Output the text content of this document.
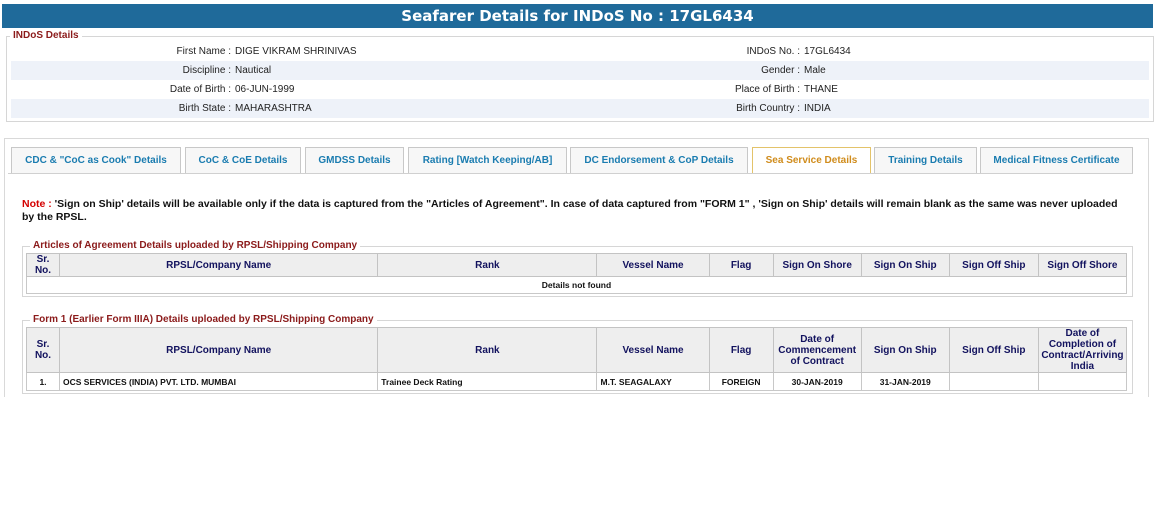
Seafarer Details for INDoS No : 17GL6434
First Name : DIGE VIKRAM SHRINIVAS	INDoS No. : 17GL6434
Discipline : Nautical	Gender : Male
Date of Birth : 06-JUN-1999	Place of Birth : THANE
Birth State : MAHARASHTRA	Birth Country : INDIA
INDoS Details
CDC & "CoC as Cook" Details	CoC & CoE Details	GMDSS Details	Rating [Watch Keeping/AB]	DC Endorsement & CoP Details	Sea Service Details	Training Details	Medical Fitness Certificate
Note : 'Sign on Ship' details will be available only if the data is captured from the "Articles of Agreement". In case of data captured from "FORM 1" , 'Sign on Ship' details will remain blank as the same was never uploaded by the RPSL.
Articles of Agreement Details uploaded by RPSL/Shipping Company
Sr. No.	RPSL/Company Name	Rank	Vessel Name	Flag	Sign On Shore	Sign On Ship	Sign Off Ship	Sign Off Shore
Details not found
Form 1 (Earlier Form IIIA) Details uploaded by RPSL/Shipping Company
Sr. No.	RPSL/Company Name	Rank	Vessel Name	Flag	Date of Commencement of Contract	Sign On Ship	Sign Off Ship	Date of Completion of Contract/Arriving India
1.	OCS SERVICES (INDIA) PVT. LTD. MUMBAI	Trainee Deck Rating	M.T. SEAGALAXY	FOREIGN	30-JAN-2019	31-JAN-2019		
